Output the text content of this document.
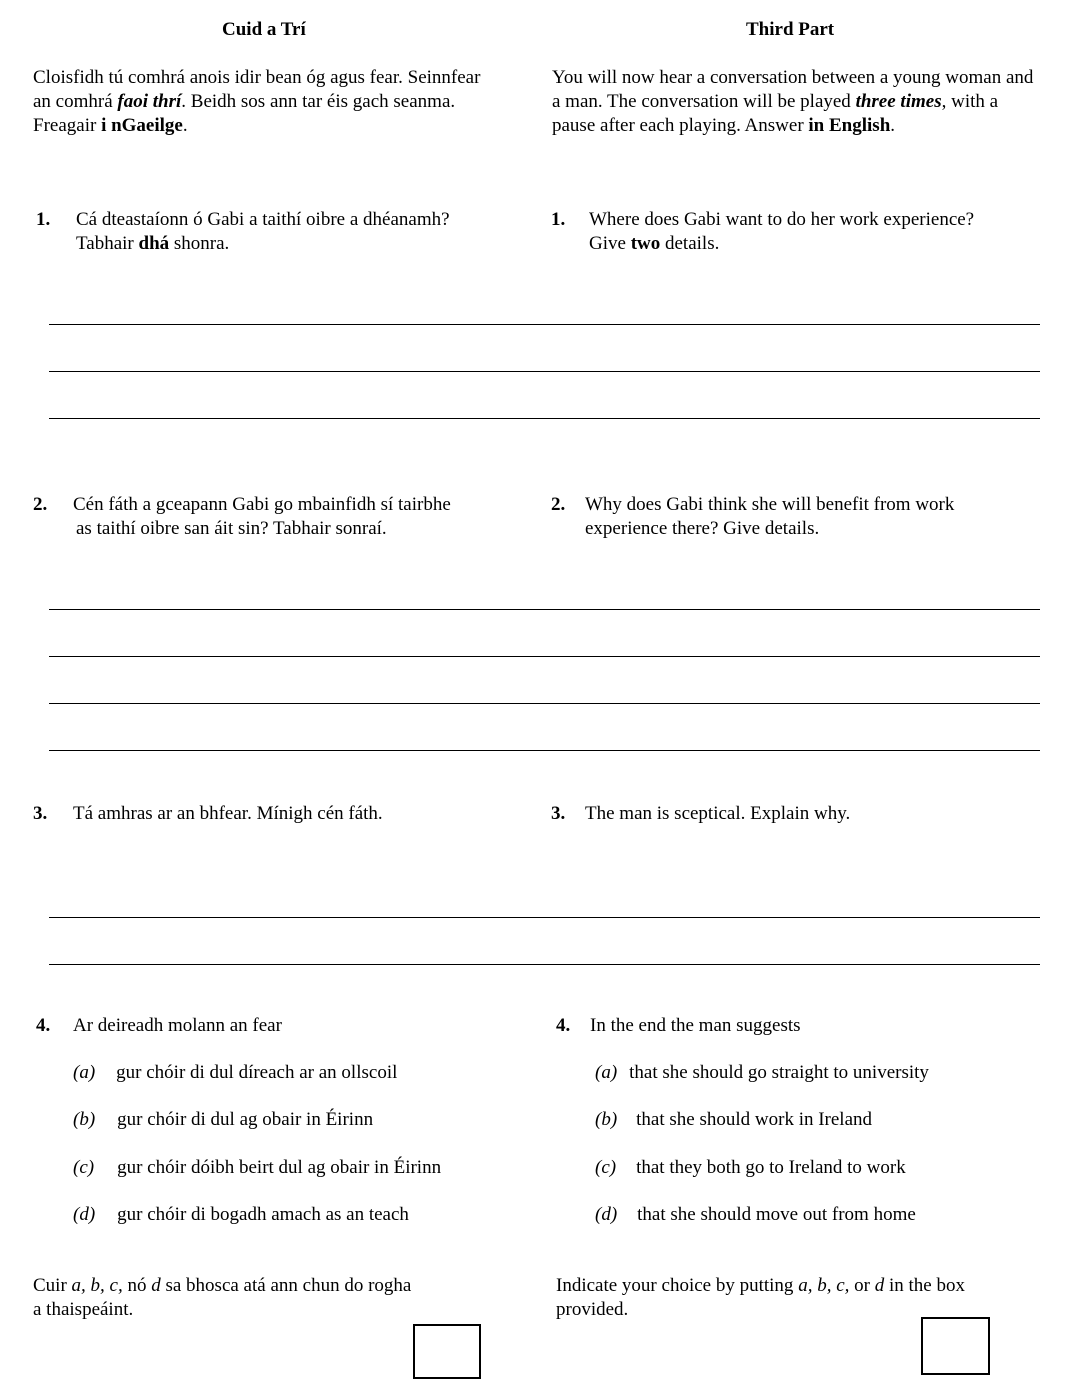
Cuid a Trí	Third Part
Cloisfidh tú comhrá anois idir bean óg agus fear. Seinnfear an comhrá faoi thrí. Beidh sos ann tar éis gach seanma. Freagair i nGaeilge.
You will now hear a conversation between a young woman and a man. The conversation will be played three times, with a pause after each playing. Answer in English.
1. Cá dteastaíonn ó Gabi a taithí oibre a dhéanamh?
Tabhair dhá shonra.
1. Where does Gabi want to do her work experience?
Give two details.
2. Cén fáth a gceapann Gabi go mbainfidh sí tairbhe
as taithí oibre san áit sin? Tabhair sonraí.
2. Why does Gabi think she will benefit from work
experience there? Give details.
3. Tá amhras ar an bhfear. Mínigh cén fáth.	3. The man is sceptical. Explain why.
4. Ar deireadh molann an fear	4. In the end the man suggests
(a) gur chóir di dul díreach ar an ollscoil
(b) gur chóir di dul ag obair in Éirinn
(c) gur chóir dóibh beirt dul ag obair in Éirinn
(d) gur chóir di bogadh amach as an teach
(a) that she should go straight to university
(b) that she should work in Ireland
(c) that they both go to Ireland to work
(d) that she should move out from home
Cuir a, b, c, nó d sa bhosca atá ann chun do rogha
a thaispeáint.
Indicate your choice by putting a, b, c, or d in the box
provided.
